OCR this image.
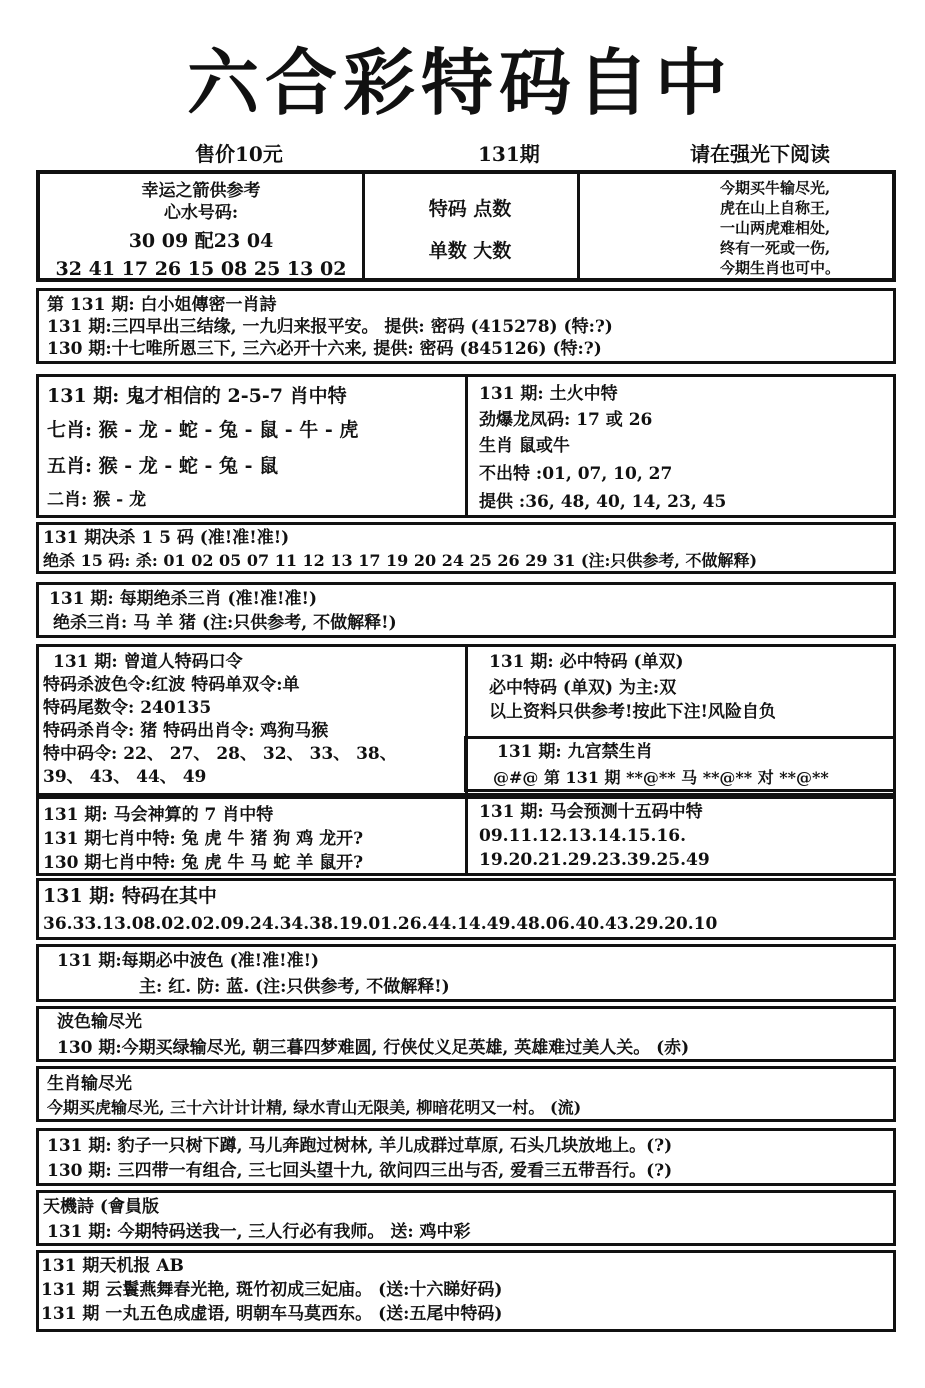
六合彩特码自中
售价10元	131期	请在强光下阅读
幸运之箭供参考
心水号码:
30 09 配23 04
32 41 17 26 15 08 25 13 02
特码 点数
单数 大数
今期买牛输尽光,
虎在山上自称王,
一山两虎难相处,
终有一死或一伤,
今期生肖也可中。
第 131 期: 白小姐傳密一肖詩
131 期:三四早出三结缘, 一九归来报平安。 提供: 密码 (415278) (特:?)
130 期:十七唯所恩三下, 三六必开十六来, 提供: 密码 (845126) (特:?)
131 期: 鬼才相信的 2-5-7 肖中特
七肖: 猴 - 龙 - 蛇 - 兔 - 鼠 - 牛 - 虎
五肖: 猴 - 龙 - 蛇 - 兔 - 鼠
二肖: 猴 - 龙
131 期: 土火中特
劲爆龙凤码: 17 或 26
生肖 鼠或牛
不出特 :01, 07, 10, 27
提供 :36, 48, 40, 14, 23, 45
131 期决杀 1 5 码 (准!准!准!)
绝杀 15 码: 杀: 01 02 05 07 11 12 13 17 19 20 24 25 26 29 31 (注:只供参考, 不做解释)
131 期: 每期绝杀三肖 (准!准!准!)
绝杀三肖: 马 羊 猪 (注:只供参考, 不做解释!)
131 期: 曾道人特码口令
特码杀波色令:红波 特码单双令:单
特码尾数令: 240135
特码杀肖令: 猪 特码出肖令: 鸡狗马猴
特中码令: 22、 27、 28、 32、 33、 38、
39、 43、 44、 49
131 期: 必中特码 (单双)
必中特码 (单双) 为主:双
以上资料只供参考!按此下注!风险自负
131 期: 九宫禁生肖
@#@ 第 131 期 **@** 马 **@** 对 **@**
131 期: 马会神算的 7 肖中特
131 期七肖中特: 兔 虎 牛 猪 狗 鸡 龙开?
130 期七肖中特: 兔 虎 牛 马 蛇 羊 鼠开?
131 期: 马会预测十五码中特
09.11.12.13.14.15.16.
19.20.21.29.23.39.25.49
131 期: 特码在其中
36.33.13.08.02.02.09.24.34.38.19.01.26.44.14.49.48.06.40.43.29.20.10
131 期:每期必中波色 (准!准!准!)
主: 红. 防: 蓝. (注:只供参考, 不做解释!)
波色输尽光
130 期:今期买绿输尽光, 朝三暮四梦难圆, 行侠仗义足英雄, 英雄难过美人关。 (赤)
生肖输尽光
今期买虎输尽光, 三十六计计计精, 绿水青山无限美, 柳暗花明又一村。 (流)
131 期: 豹子一只树下蹲, 马儿奔跑过树林, 羊儿成群过草原, 石头几块放地上。(?)
130 期: 三四带一有组合, 三七回头望十九, 欲问四三出与否, 爱看三五带吾行。(?)
天機詩 (會員版
131 期: 今期特码送我一, 三人行必有我师。 送: 鸡中彩
131 期天机报 AB
131 期 云鬟燕舞春光艳, 斑竹初成三妃庙。 (送:十六睇好码)
131 期 一丸五色成虚语, 明朝车马莫西东。 (送:五尾中特码)
